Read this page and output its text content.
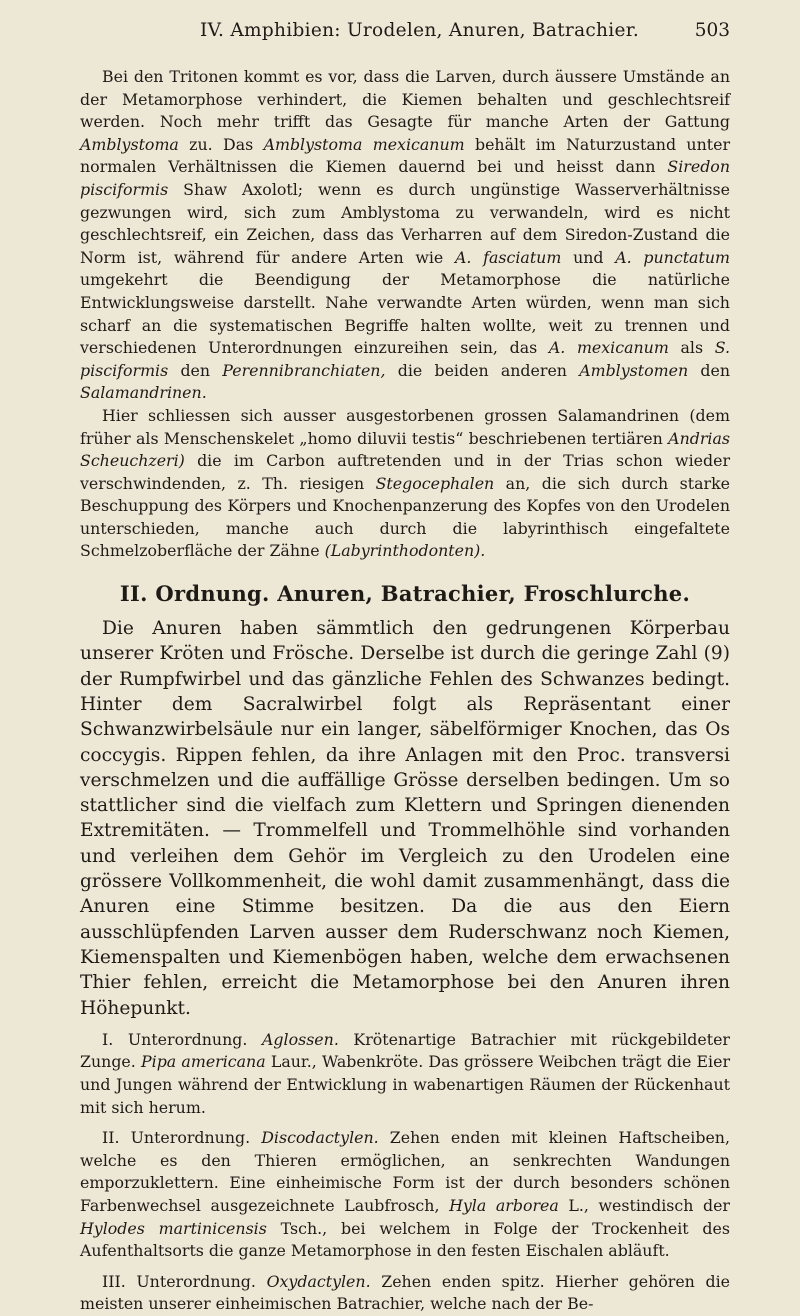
IV. Amphibien: Urodelen, Anuren, Batrachier.	503

Bei den Tritonen kommt es vor, dass die Larven, durch äussere Umstände an der Metamorphose verhindert, die Kiemen behalten und geschlechtsreif werden. Noch mehr trifft das Gesagte für manche Arten der Gattung Amblystoma zu. Das Amblystoma mexicanum behält im Naturzustand unter normalen Verhältnissen die Kiemen dauernd bei und heisst dann Siredon pisciformis Shaw Axolotl; wenn es durch ungünstige Wasserverhältnisse gezwungen wird, sich zum Amblystoma zu verwandeln, wird es nicht geschlechtsreif, ein Zeichen, dass das Verharren auf dem Siredon-Zustand die Norm ist, während für andere Arten wie A. fasciatum und A. punctatum umgekehrt die Beendigung der Metamorphose die natürliche Entwicklungsweise darstellt. Nahe verwandte Arten würden, wenn man sich scharf an die systematischen Begriffe halten wollte, weit zu trennen und verschiedenen Unterordnungen einzureihen sein, das A. mexicanum als S. pisciformis den Perennibranchiaten, die beiden anderen Amblystomen den Salamandrinen.

Hier schliessen sich ausser ausgestorbenen grossen Salamandrinen (dem früher als Menschenskelet „homo diluvii testis“ beschriebenen tertiären Andrias Scheuchzeri) die im Carbon auftretenden und in der Trias schon wieder verschwindenden, z. Th. riesigen Stegocephalen an, die sich durch starke Beschuppung des Körpers und Knochenpanzerung des Kopfes von den Urodelen unterschieden, manche auch durch die labyrinthisch eingefaltete Schmelzoberfläche der Zähne (Labyrinthodonten).

II. Ordnung. Anuren, Batrachier, Froschlurche.

Die Anuren haben sämmtlich den gedrungenen Körperbau unserer Kröten und Frösche. Derselbe ist durch die geringe Zahl (9) der Rumpfwirbel und das gänzliche Fehlen des Schwanzes bedingt. Hinter dem Sacralwirbel folgt als Repräsentant einer Schwanzwirbelsäule nur ein langer, säbelförmiger Knochen, das Os coccygis. Rippen fehlen, da ihre Anlagen mit den Proc. transversi verschmelzen und die auffällige Grösse derselben bedingen. Um so stattlicher sind die vielfach zum Klettern und Springen dienenden Extremitäten. — Trommelfell und Trommelhöhle sind vorhanden und verleihen dem Gehör im Vergleich zu den Urodelen eine grössere Vollkommenheit, die wohl damit zusammenhängt, dass die Anuren eine Stimme besitzen. Da die aus den Eiern ausschlüpfenden Larven ausser dem Ruderschwanz noch Kiemen, Kiemenspalten und Kiemenbögen haben, welche dem erwachsenen Thier fehlen, erreicht die Metamorphose bei den Anuren ihren Höhepunkt.

I. Unterordnung. Aglossen. Krötenartige Batrachier mit rückgebildeter Zunge. Pipa americana Laur., Wabenkröte. Das grössere Weibchen trägt die Eier und Jungen während der Entwicklung in wabenartigen Räumen der Rückenhaut mit sich herum.

II. Unterordnung. Discodactylen. Zehen enden mit kleinen Haftscheiben, welche es den Thieren ermöglichen, an senkrechten Wandungen emporzuklettern. Eine einheimische Form ist der durch besonders schönen Farbenwechsel ausgezeichnete Laubfrosch, Hyla arborea L., westindisch der Hylodes martinicensis Tsch., bei welchem in Folge der Trockenheit des Aufenthaltsorts die ganze Metamorphose in den festen Eischalen abläuft.

III. Unterordnung. Oxydactylen. Zehen enden spitz. Hierher gehören die meisten unserer einheimischen Batrachier, welche nach der Be-
